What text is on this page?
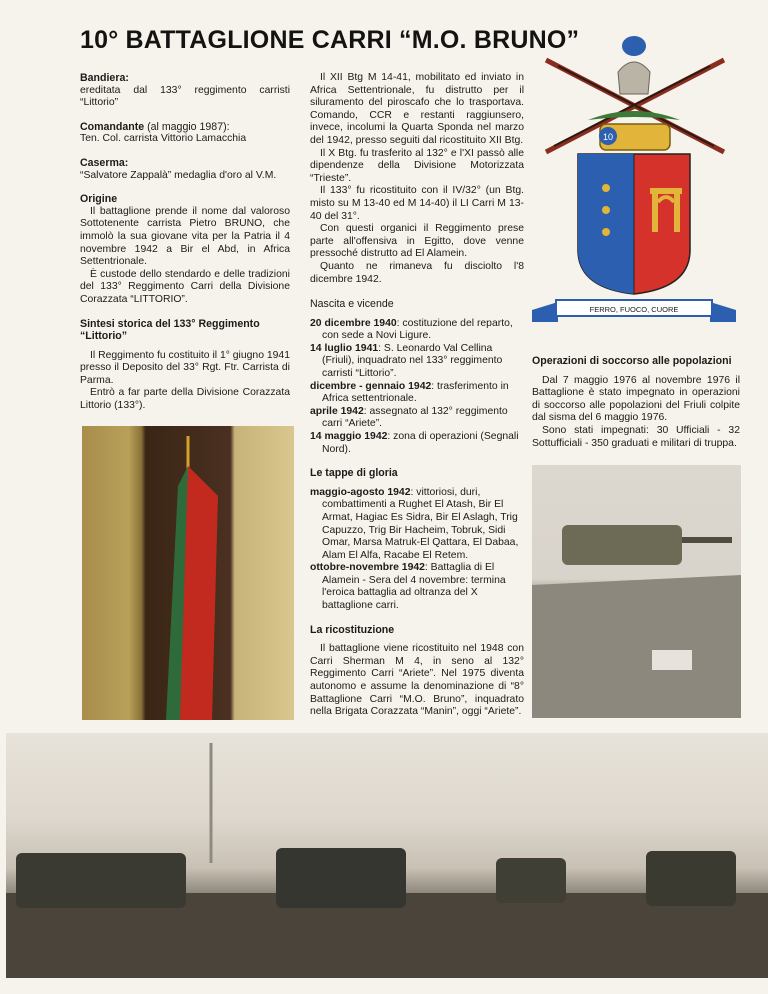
10° BATTAGLIONE CARRI “M.O. BRUNO”
Bandiera:

ereditata dal 133° reggimento carristi “Littorio”

Comandante (al maggio 1987):

Ten. Col. carrista Vittorio Lamacchia

Caserma:

“Salvatore Zappalà” medaglia d'oro al V.M.

Origine

Il battaglione prende il nome dal valoroso Sottotenente carrista Pietro BRUNO, che immolò la sua giovane vita per la Patria il 4 novembre 1942 a Bir el Abd, in Africa Settentrionale.

È custode dello stendardo e delle tradizioni del 133° Reggimento Carri della Divisione Corazzata “LITTORIO”.

Sintesi storica del 133° Reggimento “Littorio”

Il Reggimento fu costituito il 1° giugno 1941 presso il Deposito del 33° Rgt. Ftr. Carrista di Parma.

Entrò a far parte della Divisione Corazzata Littorio (133°).

Il XII Btg M 14-41, mobilitato ed inviato in Africa Settentrionale, fu distrutto per il siluramento del piroscafo che lo trasportava. Comando, CCR e restanti raggiunsero, invece, incolumi la Quarta Sponda nel marzo del 1942, presso seguiti dal ricostituito XII Btg.

Il X Btg. fu trasferito al 132° e l'XI passò alle dipendenze della Divisione Motorizzata “Trieste”.

Il 133° fu ricostituito con il IV/32° (un Btg. misto su M 13-40 ed M 14-40) il LI Carri M 13-40 del 31°.

Con questi organici il Reggimento prese parte all'offensiva in Egitto, dove venne pressoché distrutto ad El Alamein.

Quanto ne rimaneva fu disciolto l'8 dicembre 1942.

Nascita e vicende

20 dicembre 1940: costituzione del reparto, con sede a Novi Ligure.

14 luglio 1941: S. Leonardo Val Cellina (Friuli), inquadrato nel 133° reggimento carristi “Littorio”.

dicembre - gennaio 1942: trasferimento in Africa settentrionale.

aprile 1942: assegnato al 132° reggimento carri “Ariete”.

14 maggio 1942: zona di operazioni (Segnali Nord).

Le tappe di gloria

maggio-agosto 1942: vittoriosi, duri, combattimenti a Rughet El Atash, Bir El Armat, Hagiac Es Sidra, Bir El Aslagh, Trig Capuzzo, Trig Bir Hacheim, Tobruk, Sidi Omar, Marsa Matruk-El Qattara, El Dabaa, Alam El Alfa, Racabe El Retem.

ottobre-novembre 1942: Battaglia di El Alamein - Sera del 4 novembre: termina l'eroica battaglia ad oltranza del X battaglione carri.

La ricostituzione

Il battaglione viene ricostituito nel 1948 con Carri Sherman M 4, in seno al 132° Reggimento Carri “Ariete”. Nel 1975 diventa autonomo e assume la denominazione di “8° Battaglione Carri “M.O. Bruno”, inquadrato nella Brigata Corazzata “Manin”, oggi “Ariete”.

Operazioni di soccorso alle popolazioni

Dal 7 maggio 1976 al novembre 1976 il Battaglione è stato impegnato in operazioni di soccorso alle popolazioni del Friuli colpite dal sisma del 6 maggio 1976.

Sono stati impegnati: 30 Ufficiali - 32 Sottufficiali - 350 graduati e militari di truppa.

10
FERRO, FUOCO, CUORE
